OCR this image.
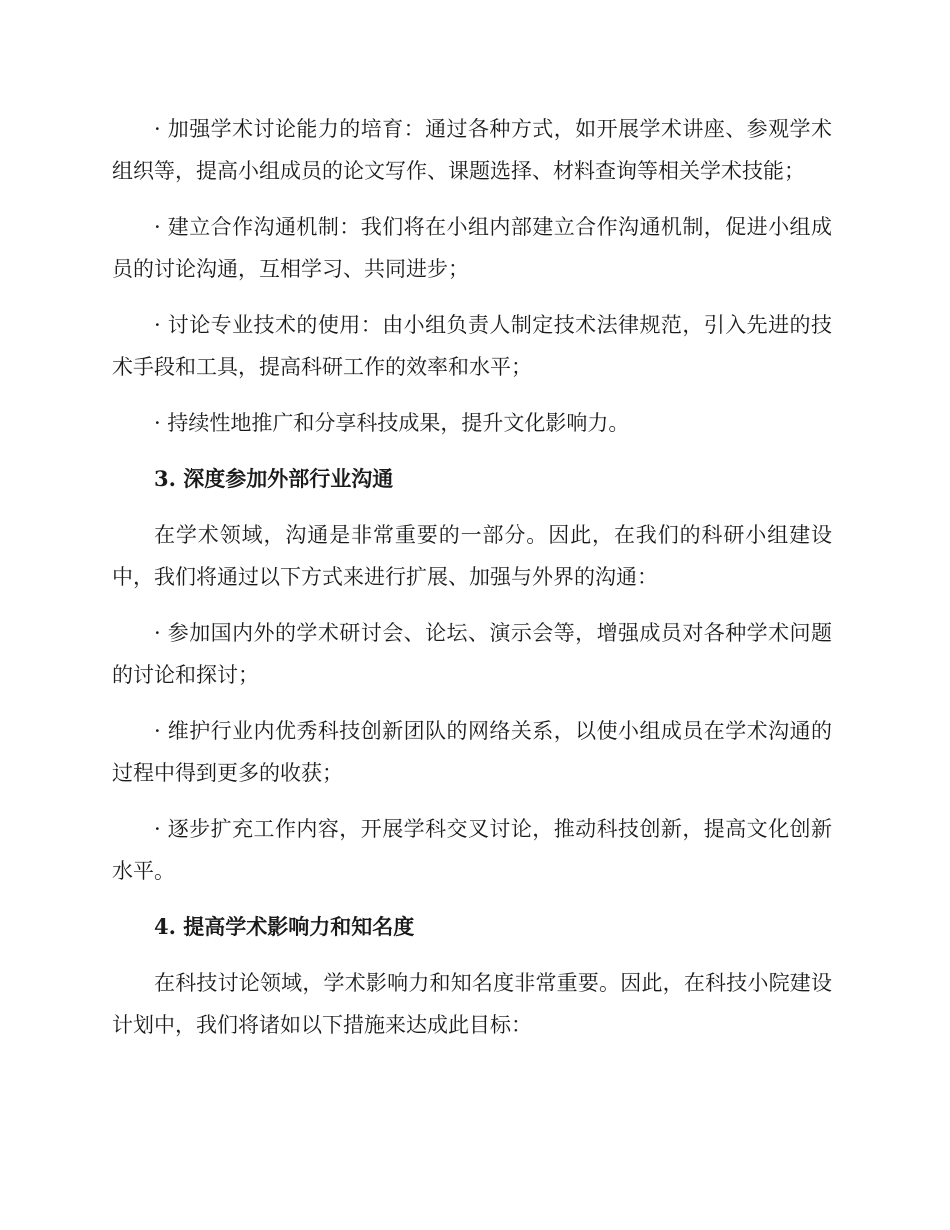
· 加强学术讨论能力的培育：通过各种方式，如开展学术讲座、参观学术组织等，提高小组成员的论文写作、课题选择、材料查询等相关学术技能；

· 建立合作沟通机制：我们将在小组内部建立合作沟通机制，促进小组成员的讨论沟通，互相学习、共同进步；

· 讨论专业技术的使用：由小组负责人制定技术法律规范，引入先进的技术手段和工具，提高科研工作的效率和水平；

· 持续性地推广和分享科技成果，提升文化影响力。

3. 深度参加外部行业沟通

在学术领域，沟通是非常重要的一部分。因此，在我们的科研小组建设中，我们将通过以下方式来进行扩展、加强与外界的沟通：

· 参加国内外的学术研讨会、论坛、演示会等，增强成员对各种学术问题的讨论和探讨；

· 维护行业内优秀科技创新团队的网络关系，以使小组成员在学术沟通的过程中得到更多的收获；

· 逐步扩充工作内容，开展学科交叉讨论，推动科技创新，提高文化创新水平。

4. 提高学术影响力和知名度

在科技讨论领域，学术影响力和知名度非常重要。因此，在科技小院建设计划中，我们将诸如以下措施来达成此目标：
